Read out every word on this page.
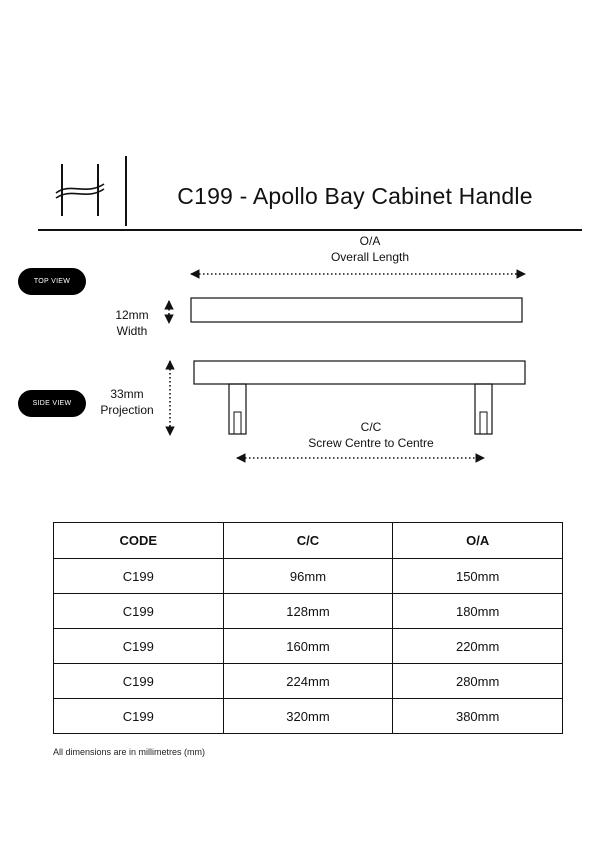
C199 - Apollo Bay Cabinet Handle
TOP VIEW
SIDE VIEW
O/A
Overall Length
12mm
Width
33mm
Projection
C/C
Screw Centre to Centre
CODE	C/C	O/A
C199	96mm	150mm
C199	128mm	180mm
C199	160mm	220mm
C199	224mm	280mm
C199	320mm	380mm
All dimensions are in millimetres (mm)
